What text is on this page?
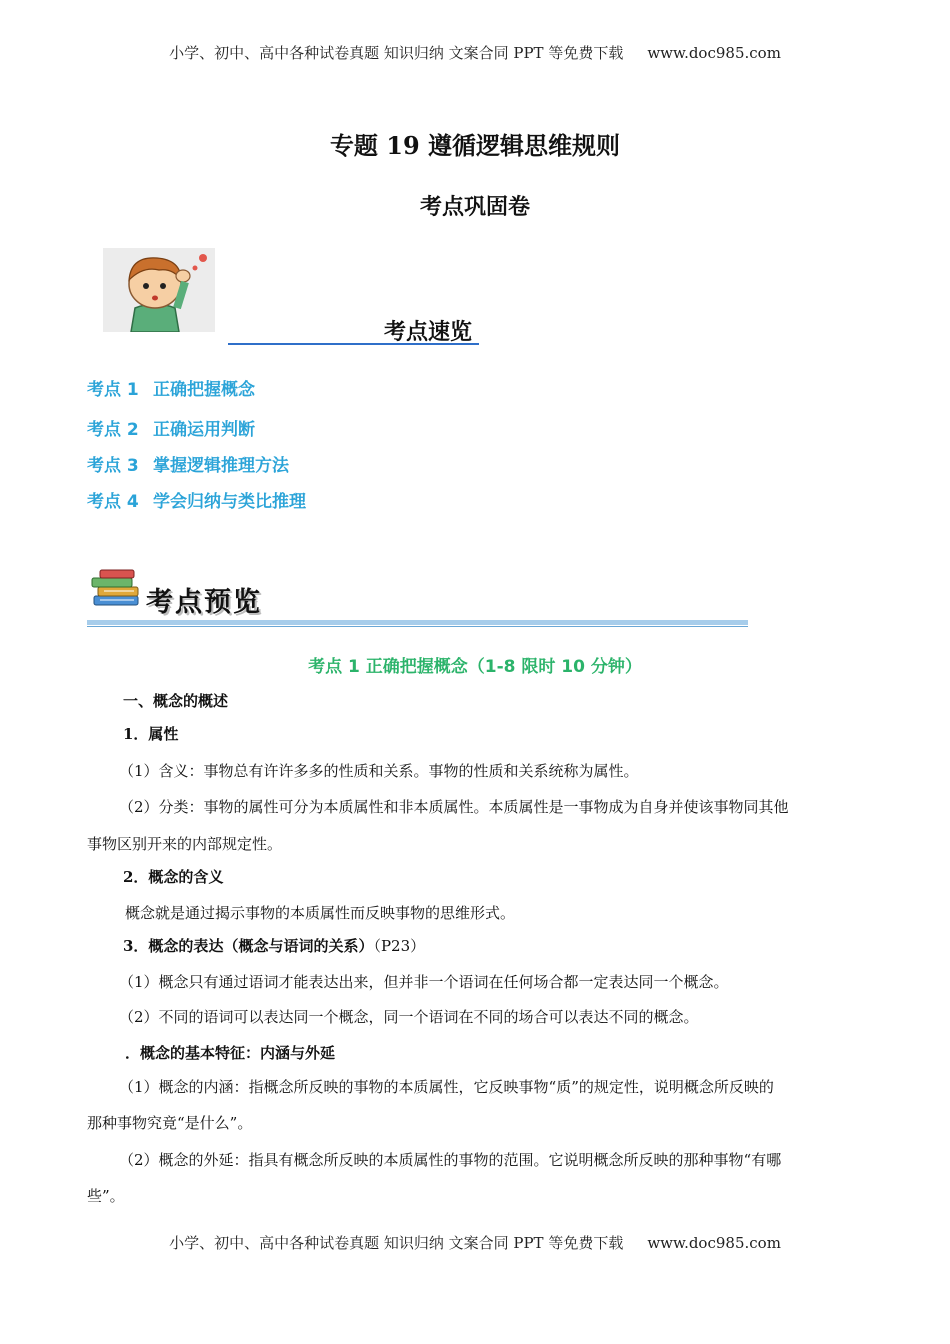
小学、初中、高中各种试卷真题 知识归纳 文案合同 PPT 等免费下载 www.doc985.com
专题 19 遵循逻辑思维规则
考点巩固卷
考点速览
考点 1 正确把握概念
考点 2 正确运用判断
考点 3 掌握逻辑推理方法
考点 4 学会归纳与类比推理
考点预览
考点 1 正确把握概念（1-8 限时 10 分钟）
一、概念的概述
1．属性
（1）含义：事物总有许许多多的性质和关系。事物的性质和关系统称为属性。
（2）分类：事物的属性可分为本质属性和非本质属性。本质属性是一事物成为自身并使该事物同其他
事物区别开来的内部规定性。
2．概念的含义
概念就是通过揭示事物的本质属性而反映事物的思维形式。
3．概念的表达（概念与语词的关系）（P23）
（1）概念只有通过语词才能表达出来，但并非一个语词在任何场合都一定表达同一个概念。
（2）不同的语词可以表达同一个概念，同一个语词在不同的场合可以表达不同的概念。
．概念的基本特征：内涵与外延
（1）概念的内涵：指概念所反映的事物的本质属性，它反映事物“质”的规定性，说明概念所反映的
那种事物究竟“是什么”。
（2）概念的外延：指具有概念所反映的本质属性的事物的范围。它说明概念所反映的那种事物“有哪
些”。
小学、初中、高中各种试卷真题 知识归纳 文案合同 PPT 等免费下载 www.doc985.com
